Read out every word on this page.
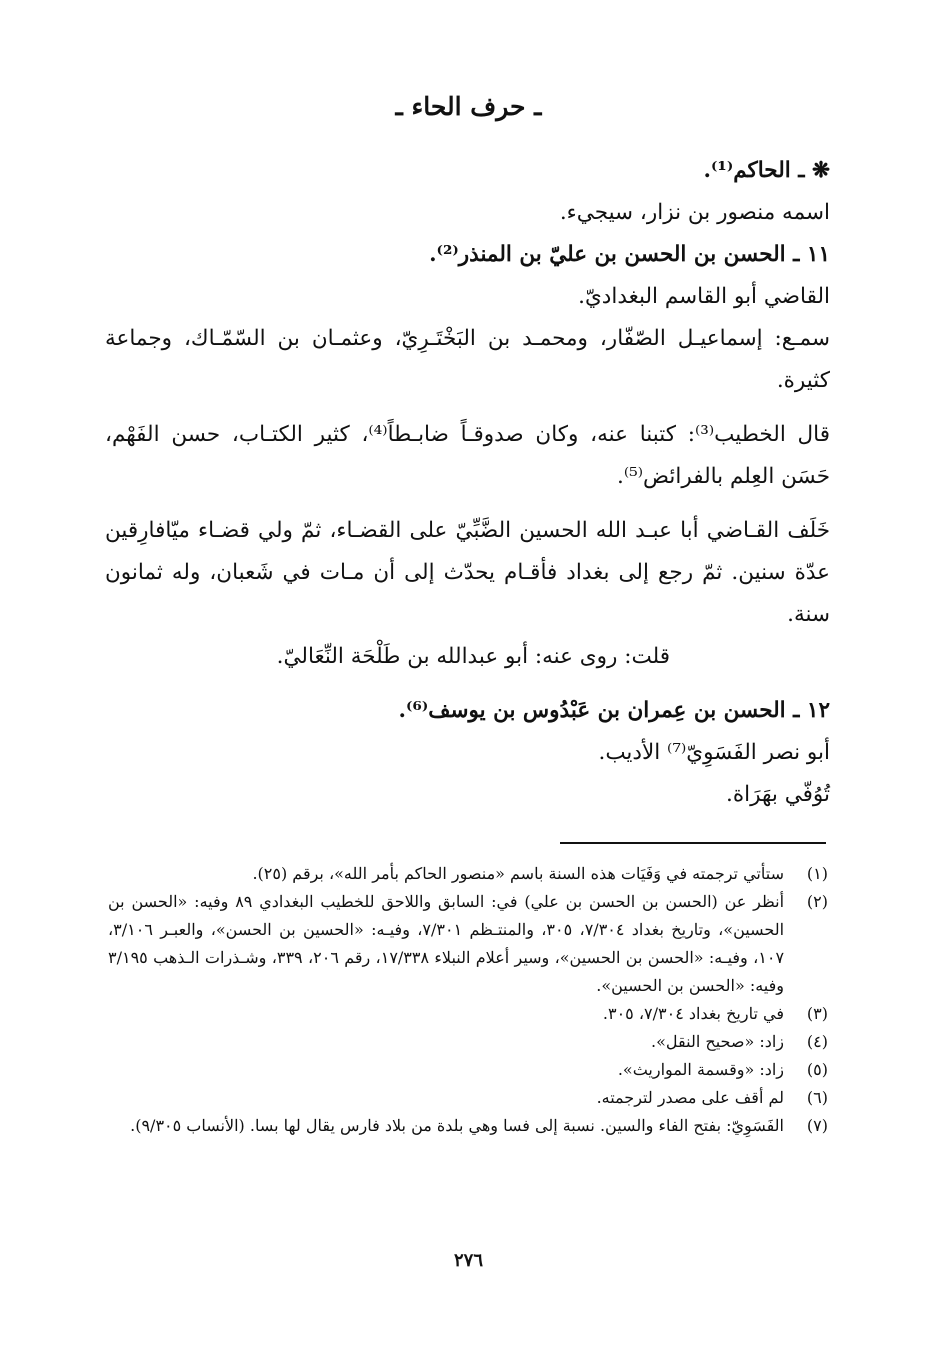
ـ حرف الحاء ـ

❋ ـ الحاكم⁽¹⁾.

اسمه منصور بن نزار، سيجيء.

١١ ـ الحسن بن الحسن بن عليّ بن المنذر⁽²⁾.

القاضي أبو القاسم البغداديّ.

سمـع: إسماعيـل الصّفّار، ومحمـد بن البَخْتَـرِيّ، وعثمـان بن السّمّـاك، وجماعة كثيرة.

قال الخطيب⁽³⁾: كتبنا عنه، وكان صدوقـاً ضابـطاً⁽⁴⁾، كثير الكتـاب، حسن الفَهْم، حَسَن العِلم بالفرائض⁽⁵⁾.

خَلَف القـاضي أبا عبـد الله الحسين الضَّبِّيّ على القضـاء، ثمّ ولي قضـاء ميّافارِقين عدّة سنين. ثمّ رجع إلى بغداد فأقـام يحدّث إلى أن مـات في شَعبان، وله ثمانون سنة.

قلت: روى عنه: أبو عبدالله بن طَلْحَة النِّعَاليّ.

١٢ ـ الحسن بن عِمران بن عَبْدُوس بن يوسف⁽⁶⁾.

أبو نصر الفَسَوِيّ⁽⁷⁾ الأديب.

تُوُفّي بهَرَاة.

(١)
ستأتي ترجمته في وَفَيَات هذه السنة باسم «منصور الحاكم بأمر الله»، برقم (٢٥).
(٢)
أنظر عن (الحسن بن الحسن بن علي) في: السابق واللاحق للخطيب البغدادي ٨٩ وفيه: «الحسن بن الحسين»، وتاريخ بغداد ٧/٣٠٤، ٣٠٥، والمنتـظم ٧/٣٠١، وفيـه: «الحسين بن الحسن»، والعبـر ٣/١٠٦، ١٠٧، وفيـه: «الحسن بن الحسين»، وسير أعلام النبلاء ١٧/٣٣٨، رقم ٢٠٦، ٣٣٩، وشـذرات الـذهب ٣/١٩٥ وفيه: «الحسن بن الحسين».
(٣)
في تاريخ بغداد ٧/٣٠٤، ٣٠٥.
(٤)
زاد: «صحيح النقل».
(٥)
زاد: «وقسمة المواريث».
(٦)
لم أقف على مصدر لترجمته.
(٧)
الفَسَوِيّ: بفتح الفاء والسين. نسبة إلى فسا وهي بلدة من بلاد فارس يقال لها بسا. (الأنساب ٩/٣٠٥).
٢٧٦
